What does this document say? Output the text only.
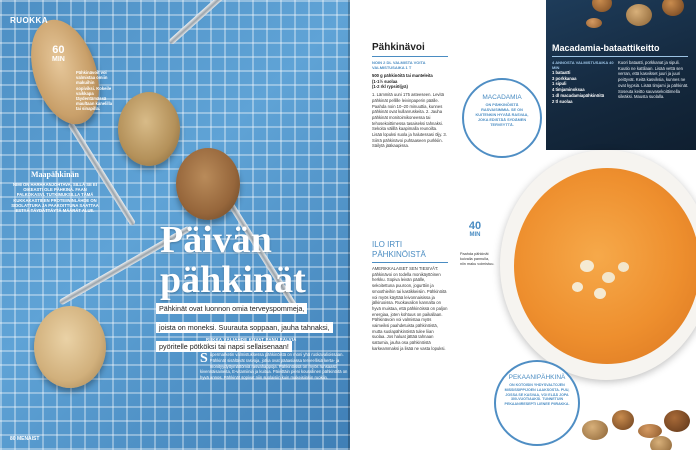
RUOKKA
60
MIN
Pähkinävoit voi valmistaa omiin makuihin sopiviksi. Kokeile vaikkapa täydentämässä maultaan kanelilla tai sinapilla.
Maapähkinän
NIMI ON HARHAANJOHTAVA, SILLÄ SE EI OIKEASTI OLE PÄHKINÄ. FAAN PALKOKASVI. TUTKIMUKSILLA TÄMÄ KUKKAKASTIEEN PROTEIININLÄHDE ON SIDOLATTURA JA PAAKOITTUNA SAATTAA ESTYÄ TÄYDÄTTÄYTÄ MÄÄRÄT ALUE.
Päivän
pähkinät
Pähkinät ovat luonnon omia terveyspommeja,
joista on moneksi. Suurauta soppaan, jauha tahnaksi,
pyöritelle pötköksi tai napsi sellaisenaan!
RIIKKA VÄLIAHDE KUVAT PANU PÄLVIÄ
S upermarketin valmistuksessa pähkinöistä on moni yhä ruokavalioissaan. Pähkinät sisältävät rasvoja, jotka ovat pääasiassa terveellisiä kerta- ja monityydyttymättömiä rasvahappoja. Pähkinöissä on myös runsaasti kivennäisaineita, E-vitamiinia ja kuitua. Päivittäin pieni kourallinen pähkinöitä on hyvä annos. Pähkinät sopivat niin suolaisiin kuin makeisiinkin ruokiin.
80 MENAIST
Pähkinävoi
NOIN 2 DL VALMISTA VOITA VALMISTUSAIKA 1 T
500 g pähkinöitä tai manteleita
(1-1½ suolaa
(1-2 rkl rypsiöljyä)
1. Lämmitä uuni 175 asteeseen. Levitä pähkinät pellille leivinpaperin päälle. Paahda noin 10–20 minuuttia, kunnes pähkinät ovat kullanruskeita. 2. Jauha pähkinät monitoimikoneessa tai tehosekoittimessa tasaiseksi tahnaksi. Sekoita välillä kaapimalla reunoilta. Lisää lopuksi suola ja halutessasi öljy. 3. Siirrä pähkinävoi puhtaaseen purkkiin. Säilytä jääkaapissa.
ILO IRTI PÄHKINÖISTÄ
AMERIKKALAISET SEN TIESIVÄT: pähkinävoi on todella monikäyttöinen herkku. Sopiva leivän päälle, sekoitettuna puuroon, jogurttiin ja smoothieihin tai kastikkeisiin. Pähkinöitä voi myös käyttää leivonnaisissa ja jälkiruoissa. Ruokavalion kannalta on hyvä muistaa, että pähkinöissä on paljon energiaa, joten kohtuus on paikallaan. Pähkinävoin voi valmistaa myös vaimeiksi paahdetuista pähkinöistä, mutta suolapähkinöistä tulee liian suolaa. Jos haluat jättää tahnaan sattumia, jauha osa pähkinöistä karkeammaksi ja lisää ne vasta lopuksi.
MACADAMIA
ON PÄHKINÖISTÄ RASVAISIMMIA. SE ON KUITENKIN HYVÄÄ RASVAA, JOKA EDISTÄÄ SYDÄMEN TERVEYTTÄ.
Macadamia-bataattikeitto
4 ANNOSTA VALMISTUSAIKA 40 MIN
1 bataatti
3 porkkanaa
1 sipuli
4 timjaminoksaa
1 dl macadamiapähkinöitä
2 tl suolaa
Kuori bataatti, porkkanat ja sipuli. Kuutio ne kattilaan. Lisää vettä sen verran, että kasvikset juuri ja juuri peittyvät. Keitä kasviksia, kunnes ne ovat kypsiä. Lisää timjami ja pähkinät. Soseuta keitto sauvasekoittimella sileäksi. Mausta suolalla.
40
MIN
Paahda pähkinät kuivalla pannulla, niin maku voimistuu.
PEKAANIPÄHKINÄ
ON KOTOISIN YHDYSVALTOJEN MISSISSIPPIJOEN LAAKSOSTA. PUU, JOSSA SE KASVAA, VOI ELÄÄ JOPA 300-VUOTIAAKSI. TUNNETUIN PEKAANIRESEPTI LIENEE PIIRAKKA.
